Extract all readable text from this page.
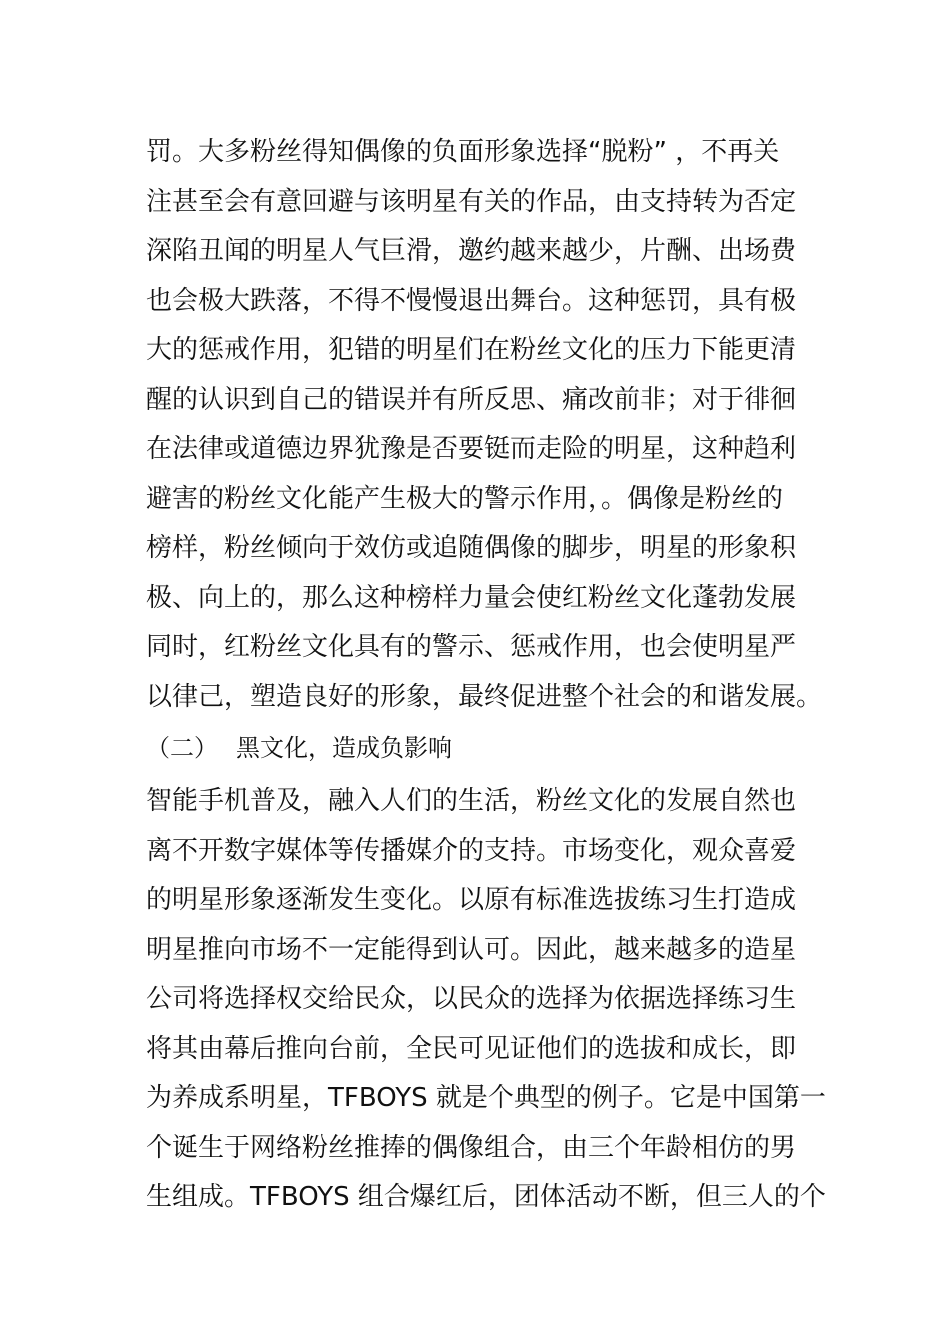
罚。大多粉丝得知偶像的负面形象选择“脱粉” ，不再关
注甚至会有意回避与该明星有关的作品，由支持转为否定
深陷丑闻的明星人气巨滑，邀约越来越少，片酬、出场费
也会极大跌落，不得不慢慢退出舞台。这种惩罚，具有极
大的惩戒作用，犯错的明星们在粉丝文化的压力下能更清
醒的认识到自己的错误并有所反思、痛改前非；对于徘徊
在法律或道德边界犹豫是否要铤而走险的明星，这种趋利
避害的粉丝文化能产生极大的警示作用，。偶像是粉丝的
榜样，粉丝倾向于效仿或追随偶像的脚步，明星的形象积
极、向上的，那么这种榜样力量会使红粉丝文化蓬勃发展
同时，红粉丝文化具有的警示、惩戒作用，也会使明星严
以律己，塑造良好的形象，最终促进整个社会的和谐发展。
（二） 黑文化，造成负影响
智能手机普及，融入人们的生活，粉丝文化的发展自然也
离不开数字媒体等传播媒介的支持。市场变化，观众喜爱
的明星形象逐渐发生变化。以原有标准选拔练习生打造成
明星推向市场不一定能得到认可。因此，越来越多的造星
公司将选择权交给民众，以民众的选择为依据选择练习生
将其由幕后推向台前，全民可见证他们的选拔和成长，即
为养成系明星，TFBOYS 就是个典型的例子。它是中国第一
个诞生于网络粉丝推捧的偶像组合，由三个年龄相仿的男
生组成。TFBOYS 组合爆红后，团体活动不断，但三人的个
